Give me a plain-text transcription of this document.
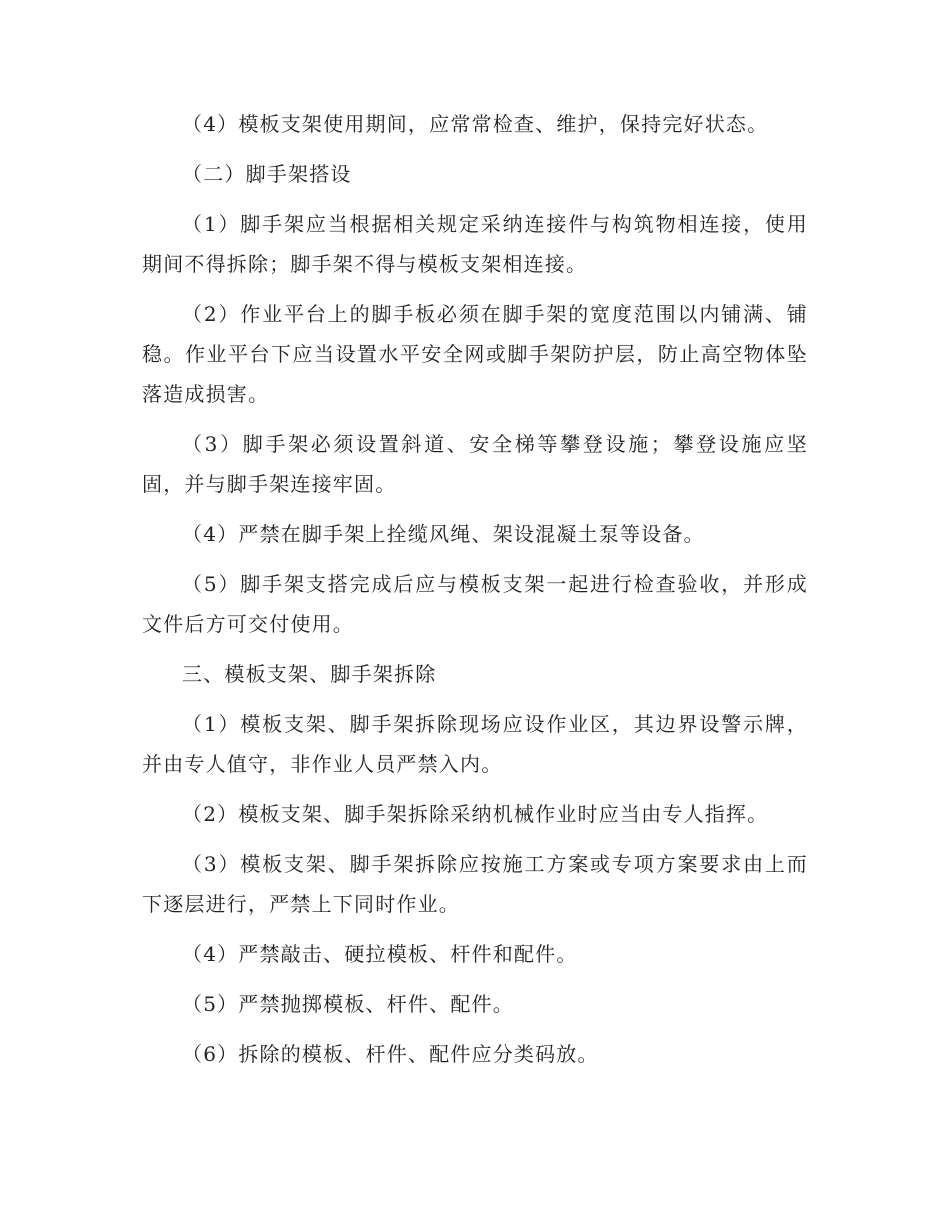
（4）模板支架使用期间，应常常检查、维护，保持完好状态。

（二）脚手架搭设

（1）脚手架应当根据相关规定采纳连接件与构筑物相连接，使用期间不得拆除；脚手架不得与模板支架相连接。

（2）作业平台上的脚手板必须在脚手架的宽度范围以内铺满、铺稳。作业平台下应当设置水平安全网或脚手架防护层，防止高空物体坠落造成损害。

（3）脚手架必须设置斜道、安全梯等攀登设施；攀登设施应坚固，并与脚手架连接牢固。

（4）严禁在脚手架上拴缆风绳、架设混凝土泵等设备。

（5）脚手架支搭完成后应与模板支架一起进行检查验收，并形成文件后方可交付使用。

三、模板支架、脚手架拆除

（1）模板支架、脚手架拆除现场应设作业区，其边界设警示牌，并由专人值守，非作业人员严禁入内。

（2）模板支架、脚手架拆除采纳机械作业时应当由专人指挥。

（3）模板支架、脚手架拆除应按施工方案或专项方案要求由上而下逐层进行，严禁上下同时作业。

（4）严禁敲击、硬拉模板、杆件和配件。

（5）严禁抛掷模板、杆件、配件。

（6）拆除的模板、杆件、配件应分类码放。
